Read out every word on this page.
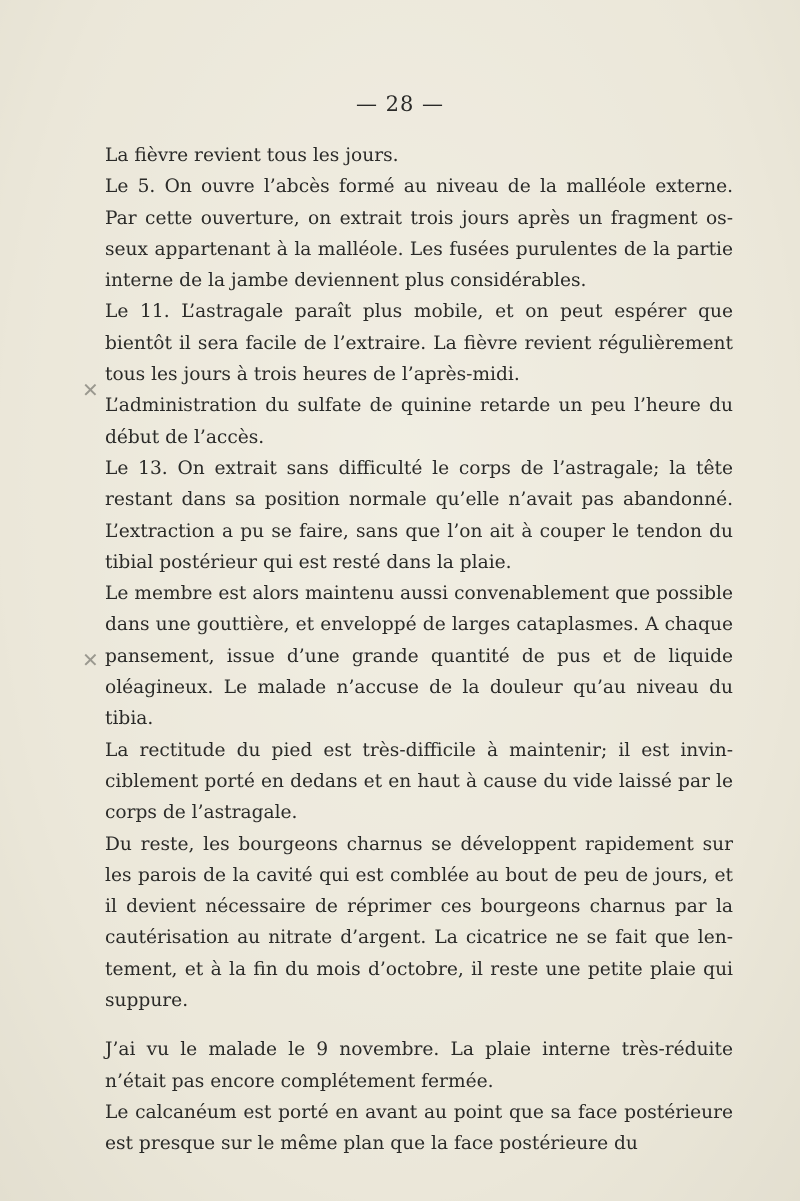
— 28 —
✕
✕

La fièvre revient tous les jours.

Le 5. On ouvre l’abcès formé au niveau de la malléole externe. Par cette ouverture, on extrait trois jours après un fragment osseux appartenant à la malléole. Les fusées purulentes de la partie interne de la jambe deviennent plus considérables.

Le 11. L’astragale paraît plus mobile, et on peut espérer que bientôt il sera facile de l’extraire. La fièvre revient régulièrement tous les jours à trois heures de l’après-midi.

L’administration du sulfate de quinine retarde un peu l’heure du début de l’accès.

Le 13. On extrait sans difficulté le corps de l’astragale; la tête restant dans sa position normale qu’elle n’avait pas abandonné. L’extraction a pu se faire, sans que l’on ait à couper le tendon du tibial postérieur qui est resté dans la plaie.

Le membre est alors maintenu aussi convenablement que possible dans une gouttière, et enveloppé de larges cataplasmes. A chaque pansement, issue d’une grande quantité de pus et de liquide oléagineux. Le malade n’accuse de la douleur qu’au niveau du tibia.

La rectitude du pied est très-difficile à maintenir; il est invinciblement porté en dedans et en haut à cause du vide laissé par le corps de l’astragale.

Du reste, les bourgeons charnus se développent rapidement sur les parois de la cavité qui est comblée au bout de peu de jours, et il devient nécessaire de réprimer ces bourgeons charnus par la cautérisation au nitrate d’argent. La cicatrice ne se fait que lentement, et à la fin du mois d’octobre, il reste une petite plaie qui suppure.

J’ai vu le malade le 9 novembre. La plaie interne très-réduite n’était pas encore complétement fermée.

Le calcanéum est porté en avant au point que sa face postérieure est presque sur le même plan que la face postérieure du
